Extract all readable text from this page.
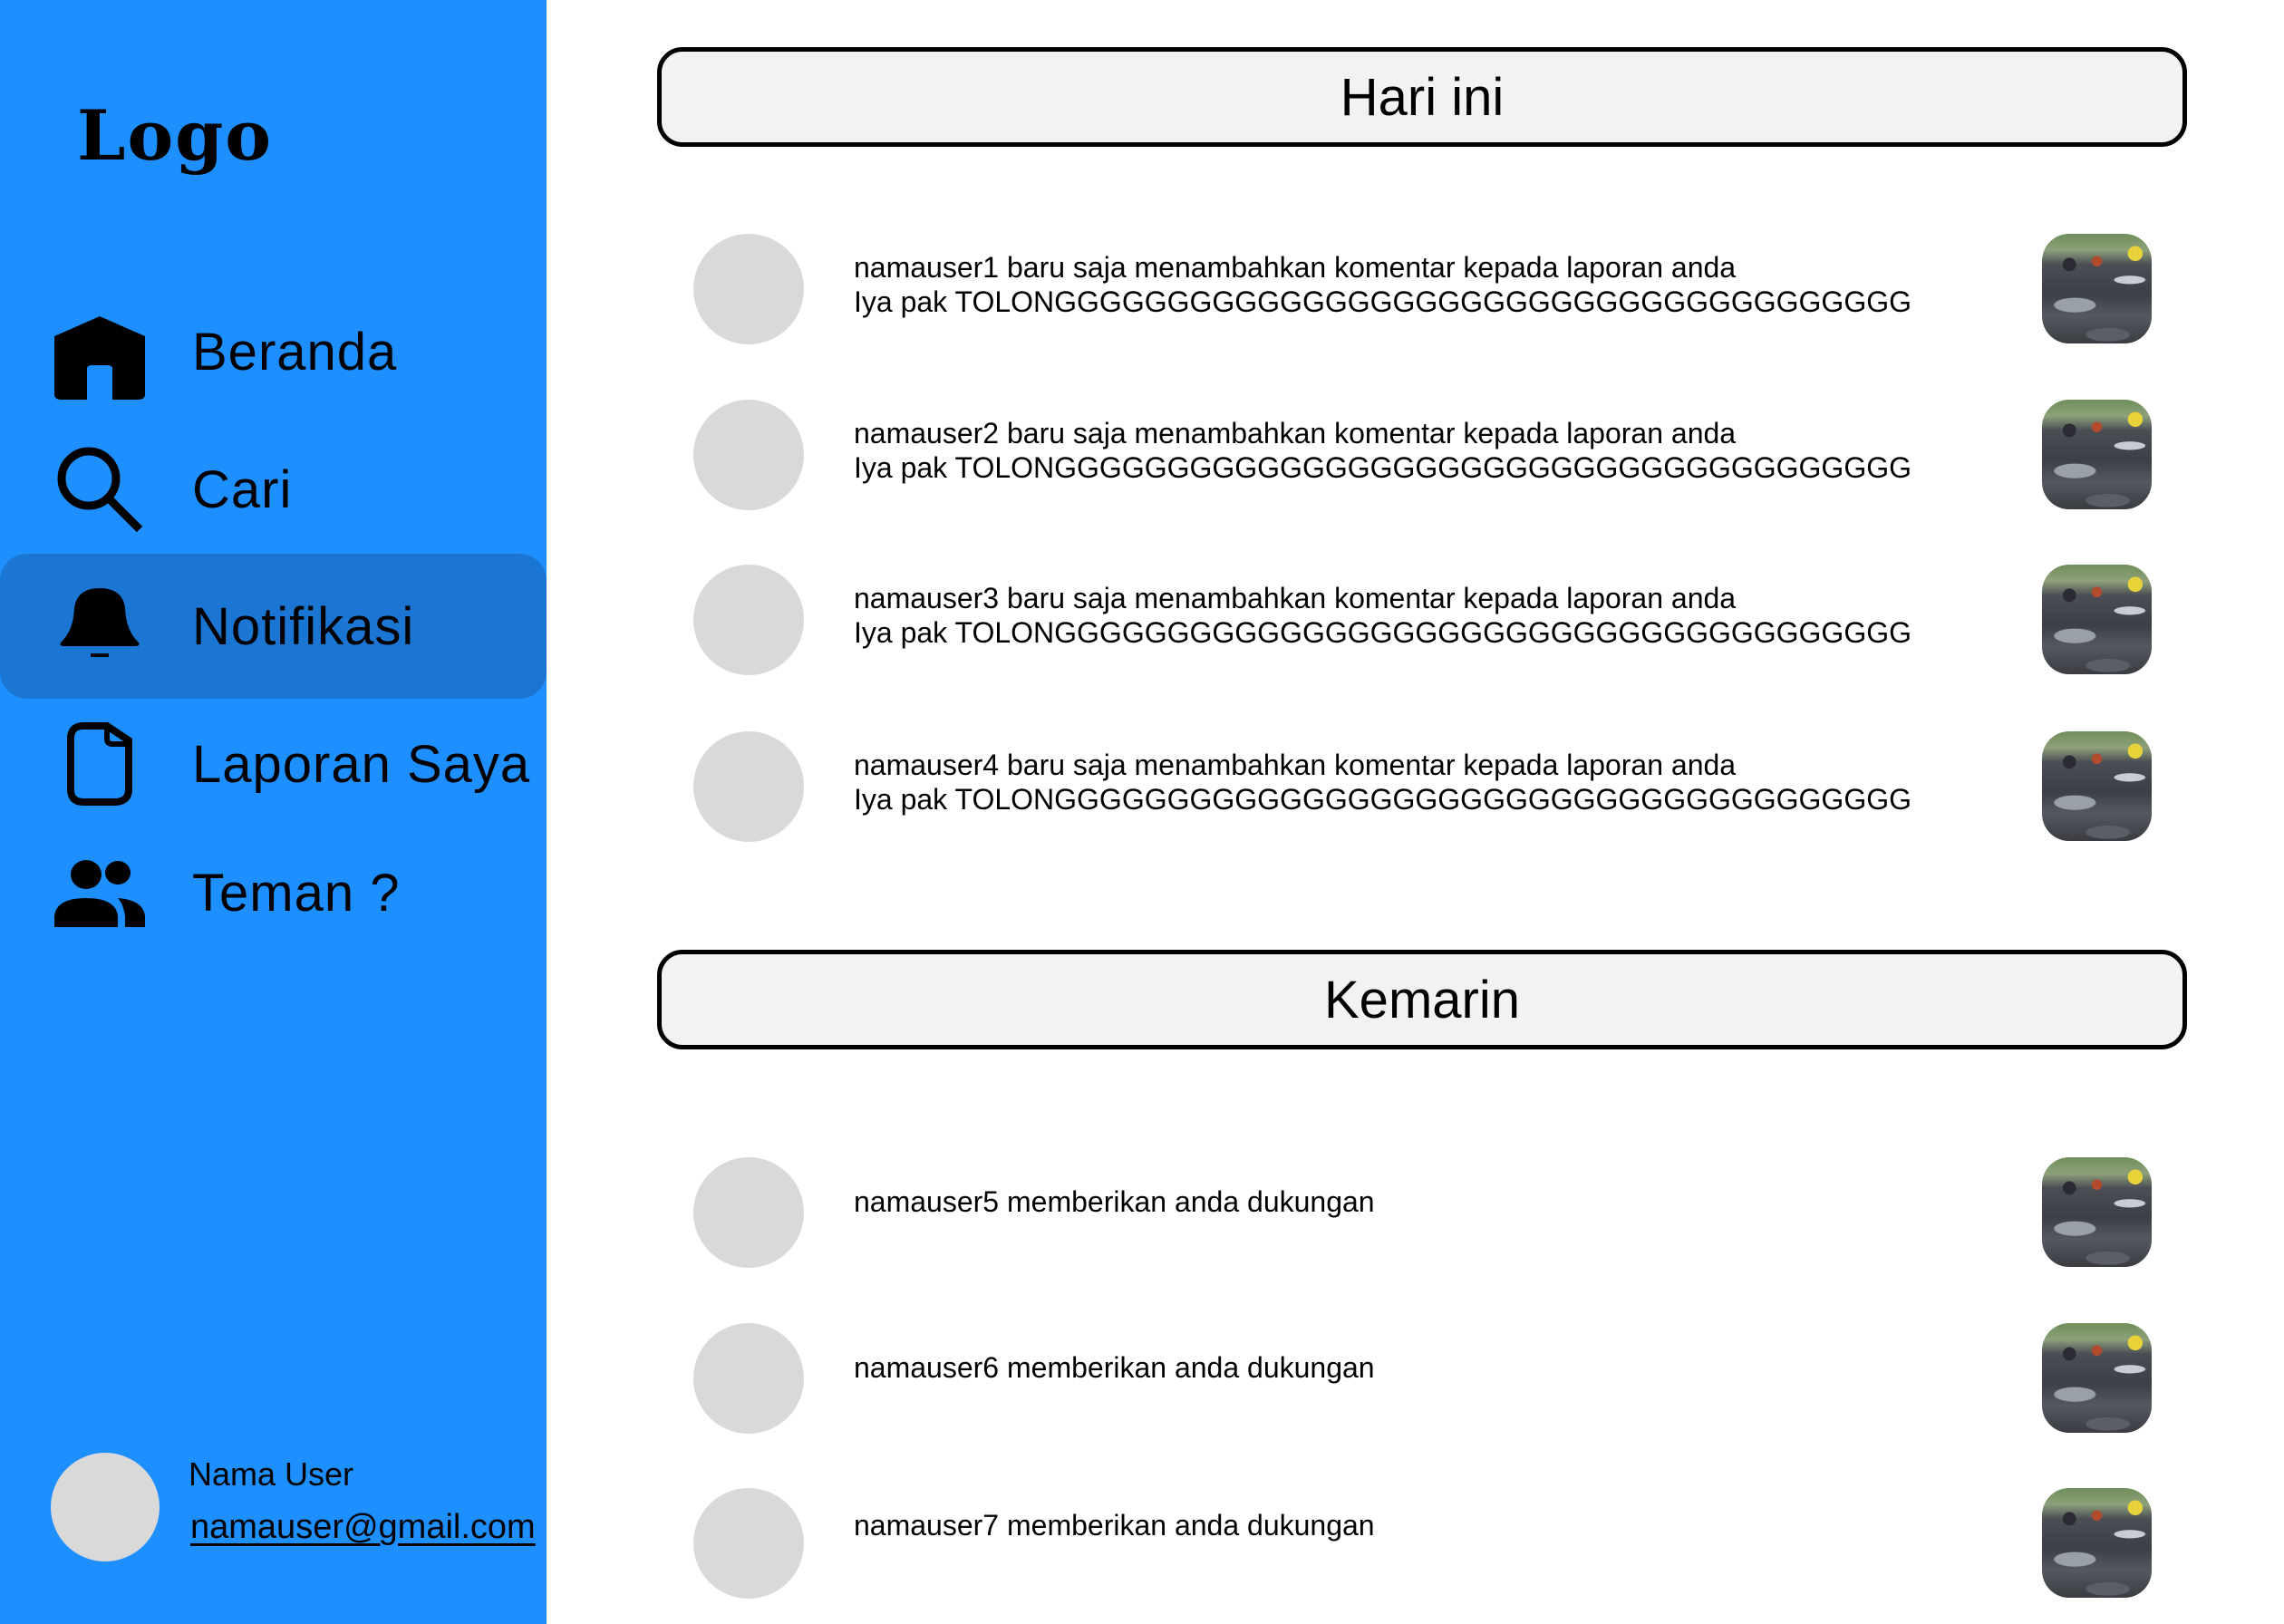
Logo
Beranda
Cari
Notifikasi
Laporan Saya
Teman ?
Nama User
namauser@gmail.com
Hari ini
namauser1 baru saja menambahkan komentar kepada laporan anda
Iya pak TOLONGGGGGGGGGGGGGGGGGGGGGGGGGGGGGGGGGGGGGG
namauser2 baru saja menambahkan komentar kepada laporan anda
Iya pak TOLONGGGGGGGGGGGGGGGGGGGGGGGGGGGGGGGGGGGGGG
namauser3 baru saja menambahkan komentar kepada laporan anda
Iya pak TOLONGGGGGGGGGGGGGGGGGGGGGGGGGGGGGGGGGGGGGG
namauser4 baru saja menambahkan komentar kepada laporan anda
Iya pak TOLONGGGGGGGGGGGGGGGGGGGGGGGGGGGGGGGGGGGGGG
Kemarin
namauser5 memberikan anda dukungan
namauser6 memberikan anda dukungan
namauser7 memberikan anda dukungan
